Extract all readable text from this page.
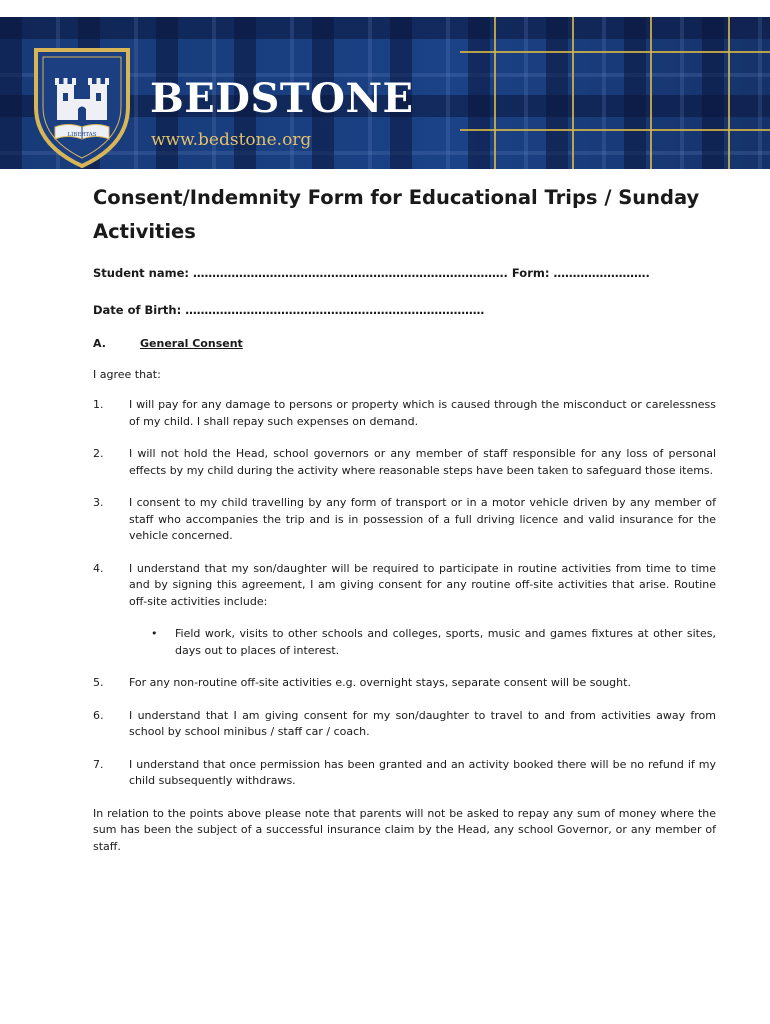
LIBERTAS
BEDSTONE
www.bedstone.org
Consent/Indemnity Form for Educational Trips / Sunday Activities
Student name: ………………………………………………………………………. Form: …………………….
Date of Birth: ……………………………………………………………………
A.	General Consent
I agree that:
1.	I will pay for any damage to persons or property which is caused through the misconduct or carelessness of my child. I shall repay such expenses on demand.
2.	I will not hold the Head, school governors or any member of staff responsible for any loss of personal effects by my child during the activity where reasonable steps have been taken to safeguard those items.
3.	I consent to my child travelling by any form of transport or in a motor vehicle driven by any member of staff who accompanies the trip and is in possession of a full driving licence and valid insurance for the vehicle concerned.
4.	I understand that my son/daughter will be required to participate in routine activities from time to time and by signing this agreement, I am giving consent for any routine off-site activities that arise. Routine off-site activities include:
•	Field work, visits to other schools and colleges, sports, music and games fixtures at other sites, days out to places of interest.
5.	For any non-routine off-site activities e.g. overnight stays, separate consent will be sought.
6.	I understand that I am giving consent for my son/daughter to travel to and from activities away from school by school minibus / staff car / coach.
7.	I understand that once permission has been granted and an activity booked there will be no refund if my child subsequently withdraws.
In relation to the points above please note that parents will not be asked to repay any sum of money where the sum has been the subject of a successful insurance claim by the Head, any school Governor, or any member of staff.
